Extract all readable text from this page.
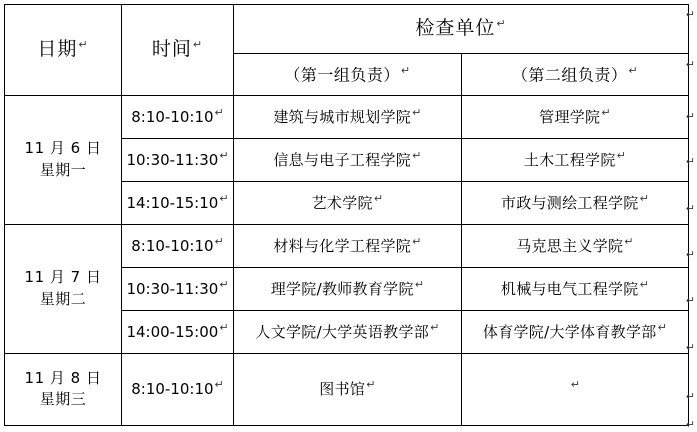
日期↵	时间↵	检查单位↵
		（第一组负责）↵	（第二组负责）↵

11 月 6 日
星期一	8:10-10:10↵	建筑与城市规划学院↵	管理学院↵
	10:30-11:30↵	信息与电子工程学院↵	土木工程学院↵
	14:10-15:10↵	艺术学院↵	市政与测绘工程学院↵

11 月 7 日
星期二	8:10-10:10↵	材料与化学工程学院↵	马克思主义学院↵
	10:30-11:30↵	理学院/教师教育学院↵	机械与电气工程学院↵
	14:00-15:00↵	人文学院/大学英语教学部↵	体育学院/大学体育教学部↵

11 月 8 日
星期三	8:10-10:10↵	图书馆↵	↵
↵
↵
↵
↵
↵
↵
↵
↵
↵
↵
